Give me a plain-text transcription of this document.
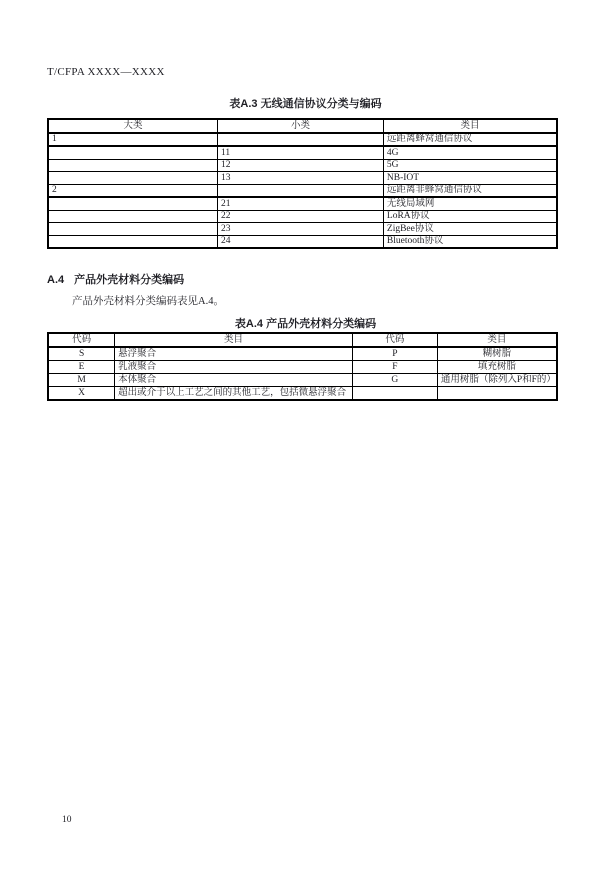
T/CFPA XXXX—XXXX
表A.3 无线通信协议分类与编码
大类	小类	类目
1		远距离蜂窝通信协议
	11	4G
	12	5G
	13	NB-IOT
2		远距离非蜂窝通信协议
	21	无线局域网
	22	LoRA协议
	23	ZigBee协议
	24	Bluetooth协议
A.4 产品外壳材料分类编码
产品外壳材料分类编码表见A.4。
表A.4 产品外壳材料分类编码
代码	类目	代码	类目
S	悬浮聚合	P	糊树脂
E	乳液聚合	F	填充树脂
M	本体聚合	G	通用树脂（除列入P和F的）
X	超出或介于以上工艺之间的其他工艺，包括微悬浮聚合		
10
